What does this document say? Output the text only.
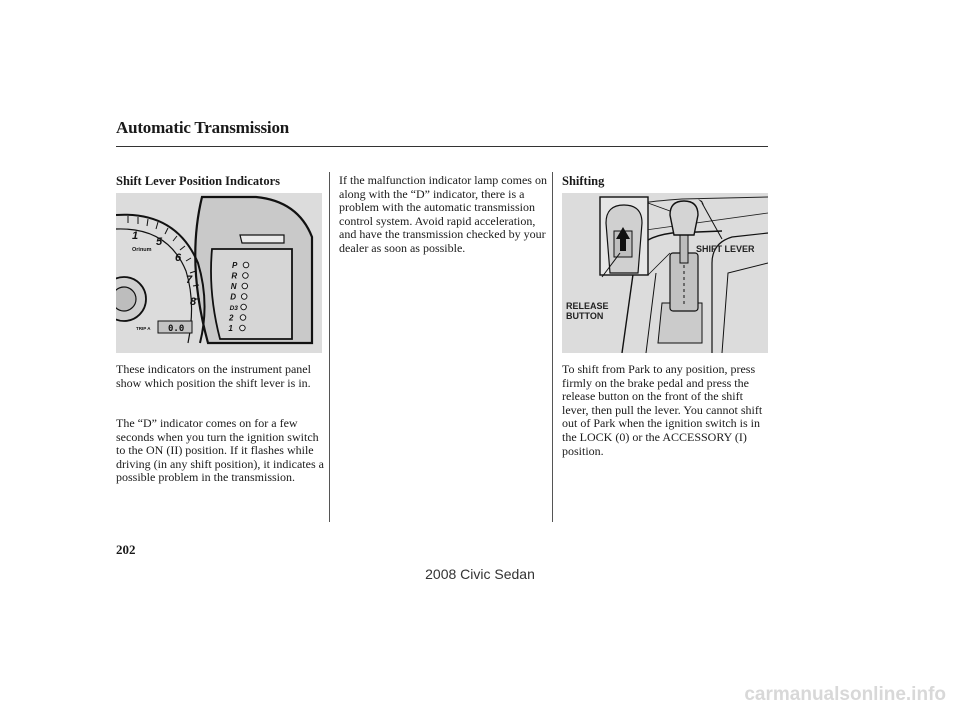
Automatic Transmission
Shift Lever Position Indicators
1 5
6
7
8
Orinum
TRIP A 0.0
P
R
N
D
D3
2
1

These indicators on the instrument panel show which position the shift lever is in.

The “D” indicator comes on for a few seconds when you turn the ignition switch to the ON (II) position. If it flashes while driving (in any shift position), it indicates a possible problem in the transmission.

If the malfunction indicator lamp comes on along with the “D” indicator, there is a problem with the automatic transmission control system. Avoid rapid acceleration, and have the transmission checked by your dealer as soon as possible.

Shifting
SHIFT LEVER
RELEASE
BUTTON

To shift from Park to any position, press firmly on the brake pedal and press the release button on the front of the shift lever, then pull the lever. You cannot shift out of Park when the ignition switch is in the LOCK (0) or the ACCESSORY (I) position.

202
2008 Civic Sedan
carmanualsonline.info
